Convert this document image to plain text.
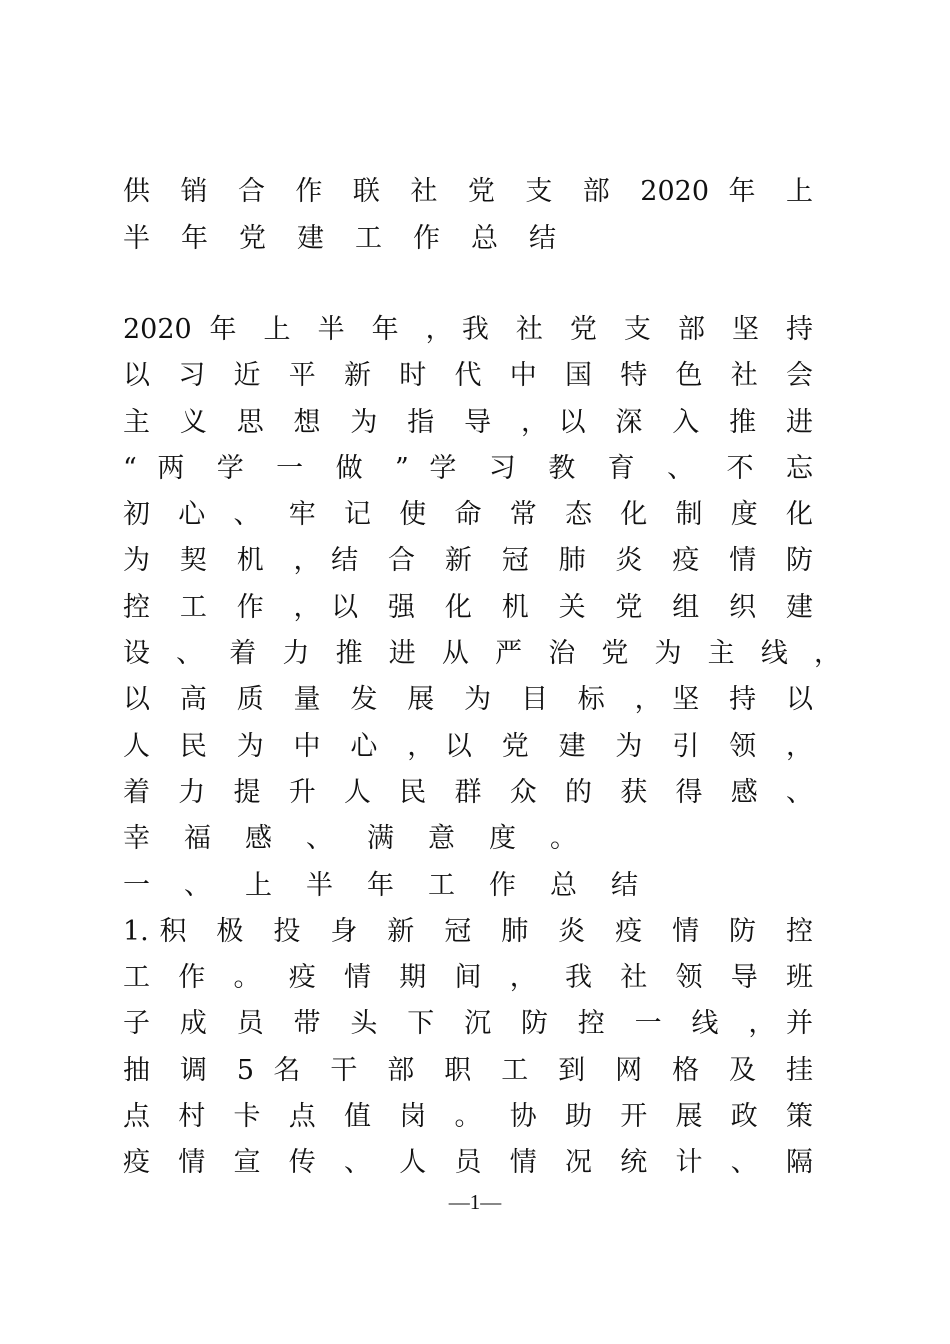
供 销 合 作 联 社 党 支 部 2020 年 上
半年党建工作总结
2020 年 上 半 年 ，我 社 党 支 部 坚 持
以 习 近 平 新 时 代 中 国 特 色 社 会
主 义 思 想 为 指 导 ，以 深 入 推 进
“ 两 学 一 做 ” 学 习 教 育 、 不 忘
初 心 、 牢 记 使 命 常 态 化 制 度 化
为 契 机 ，结 合 新 冠 肺 炎 疫 情 防
控 工 作 ，以 强 化 机 关 党 组 织 建
设 、 着 力 推 进 从 严 治 党 为 主 线 ，
以 高 质 量 发 展 为 目 标 ，坚 持 以
人 民 为 中 心 ，以 党 建 为 引 领 ，
着 力 提 升 人 民 群 众 的 获 得 感 、
幸福感、满意度。
一、上半年工作总结
1.积 极 投 身 新 冠 肺 炎 疫 情 防 控
工 作 。 疫 情 期 间 ， 我 社 领 导 班
子 成 员 带 头 下 沉 防 控 一 线 ，并
抽 调 5 名 干 部 职 工 到 网 格 及 挂
点 村 卡 点 值 岗 。 协 助 开 展 政 策
疫 情 宣 传 、 人 员 情 况 统 计 、 隔
—1—
